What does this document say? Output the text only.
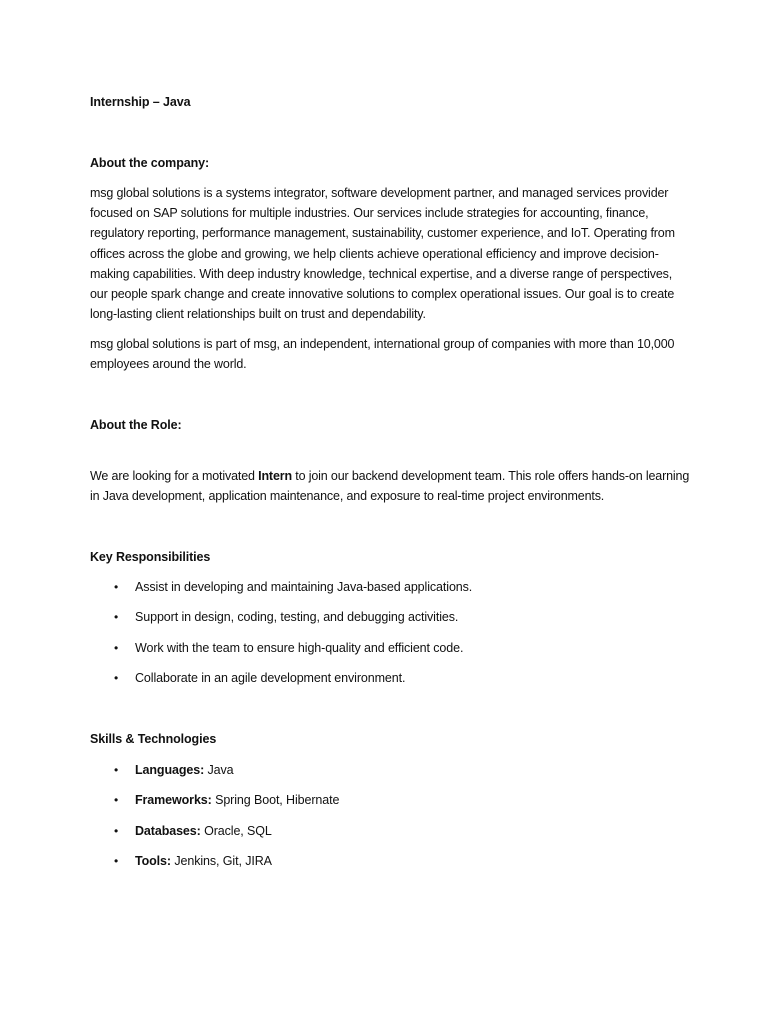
Internship – Java
About the company:
msg global solutions is a systems integrator, software development partner, and managed services provider focused on SAP solutions for multiple industries. Our services include strategies for accounting, finance, regulatory reporting, performance management, sustainability, customer experience, and IoT. Operating from offices across the globe and growing, we help clients achieve operational efficiency and improve decision-making capabilities. With deep industry knowledge, technical expertise, and a diverse range of perspectives, our people spark change and create innovative solutions to complex operational issues. Our goal is to create long-lasting client relationships built on trust and dependability.
msg global solutions is part of msg, an independent, international group of companies with more than 10,000 employees around the world.
About the Role:
We are looking for a motivated Intern to join our backend development team. This role offers hands-on learning in Java development, application maintenance, and exposure to real-time project environments.
Key Responsibilities
• Assist in developing and maintaining Java-based applications.
• Support in design, coding, testing, and debugging activities.
• Work with the team to ensure high-quality and efficient code.
• Collaborate in an agile development environment.
Skills & Technologies
• Languages: Java
• Frameworks: Spring Boot, Hibernate
• Databases: Oracle, SQL
• Tools: Jenkins, Git, JIRA
